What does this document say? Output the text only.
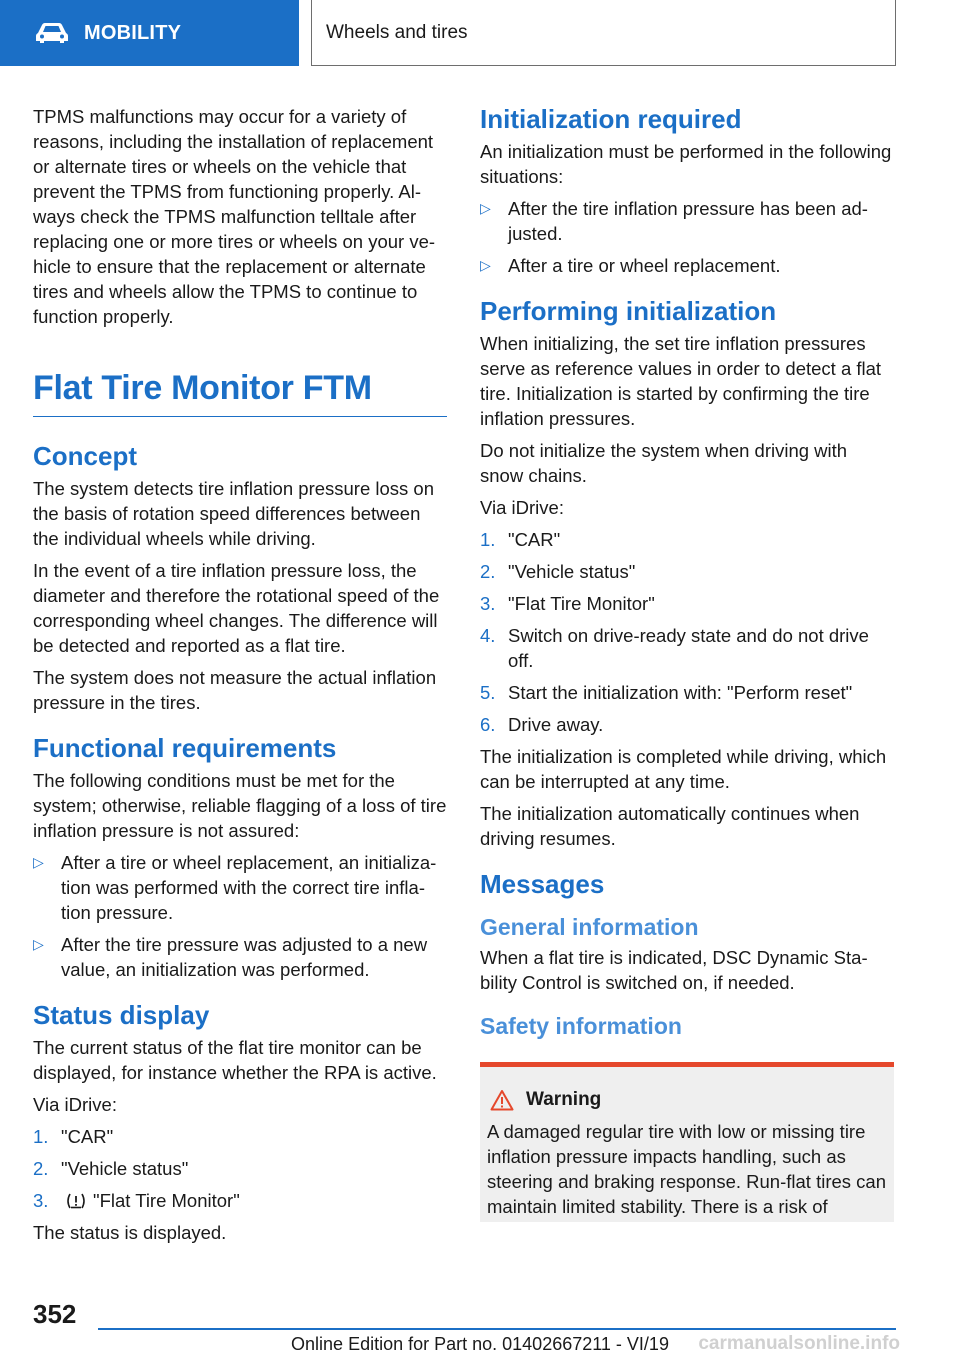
MOBILITY	Wheels and tires

TPMS malfunctions may occur for a variety of reasons, including the installation of replacement or alternate tires or wheels on the vehicle that prevent the TPMS from functioning properly. Always check the TPMS malfunction telltale after replacing one or more tires or wheels on your vehicle to ensure that the replacement or alternate tires and wheels allow the TPMS to continue to function properly.

Flat Tire Monitor FTM
Concept

The system detects tire inflation pressure loss on the basis of rotation speed differences between the individual wheels while driving.

In the event of a tire inflation pressure loss, the diameter and therefore the rotational speed of the corresponding wheel changes. The difference will be detected and reported as a flat tire.

The system does not measure the actual inflation pressure in the tires.

Functional requirements

The following conditions must be met for the system; otherwise, reliable flagging of a loss of tire inflation pressure is not assured:

▷ After a tire or wheel replacement, an initialization was performed with the correct tire inflation pressure.
▷ After the tire pressure was adjusted to a new value, an initialization was performed.
Status display

The current status of the flat tire monitor can be displayed, for instance whether the RPA is active.

Via iDrive:

1. "CAR"
2. "Vehicle status"
3.	"Flat Tire Monitor"

The status is displayed.

Initialization required

An initialization must be performed in the following situations:

▷ After the tire inflation pressure has been adjusted.
▷ After a tire or wheel replacement.
Performing initialization

When initializing, the set tire inflation pressures serve as reference values in order to detect a flat tire. Initialization is started by confirming the tire inflation pressures.

Do not initialize the system when driving with snow chains.

Via iDrive:

1. "CAR"
2. "Vehicle status"
3. "Flat Tire Monitor"
4. Switch on drive-ready state and do not drive off.
5. Start the initialization with: "Perform reset"
6. Drive away.

The initialization is completed while driving, which can be interrupted at any time.

The initialization automatically continues when driving resumes.

Messages
General information

When a flat tire is indicated, DSC Dynamic Stability Control is switched on, if needed.

Safety information
Warning

A damaged regular tire with low or missing tire inflation pressure impacts handling, such as steering and braking response. Run-flat tires can maintain limited stability. There is a risk of

352
Online Edition for Part no. 01402667211 - VI/19	carmanualsonline.info
